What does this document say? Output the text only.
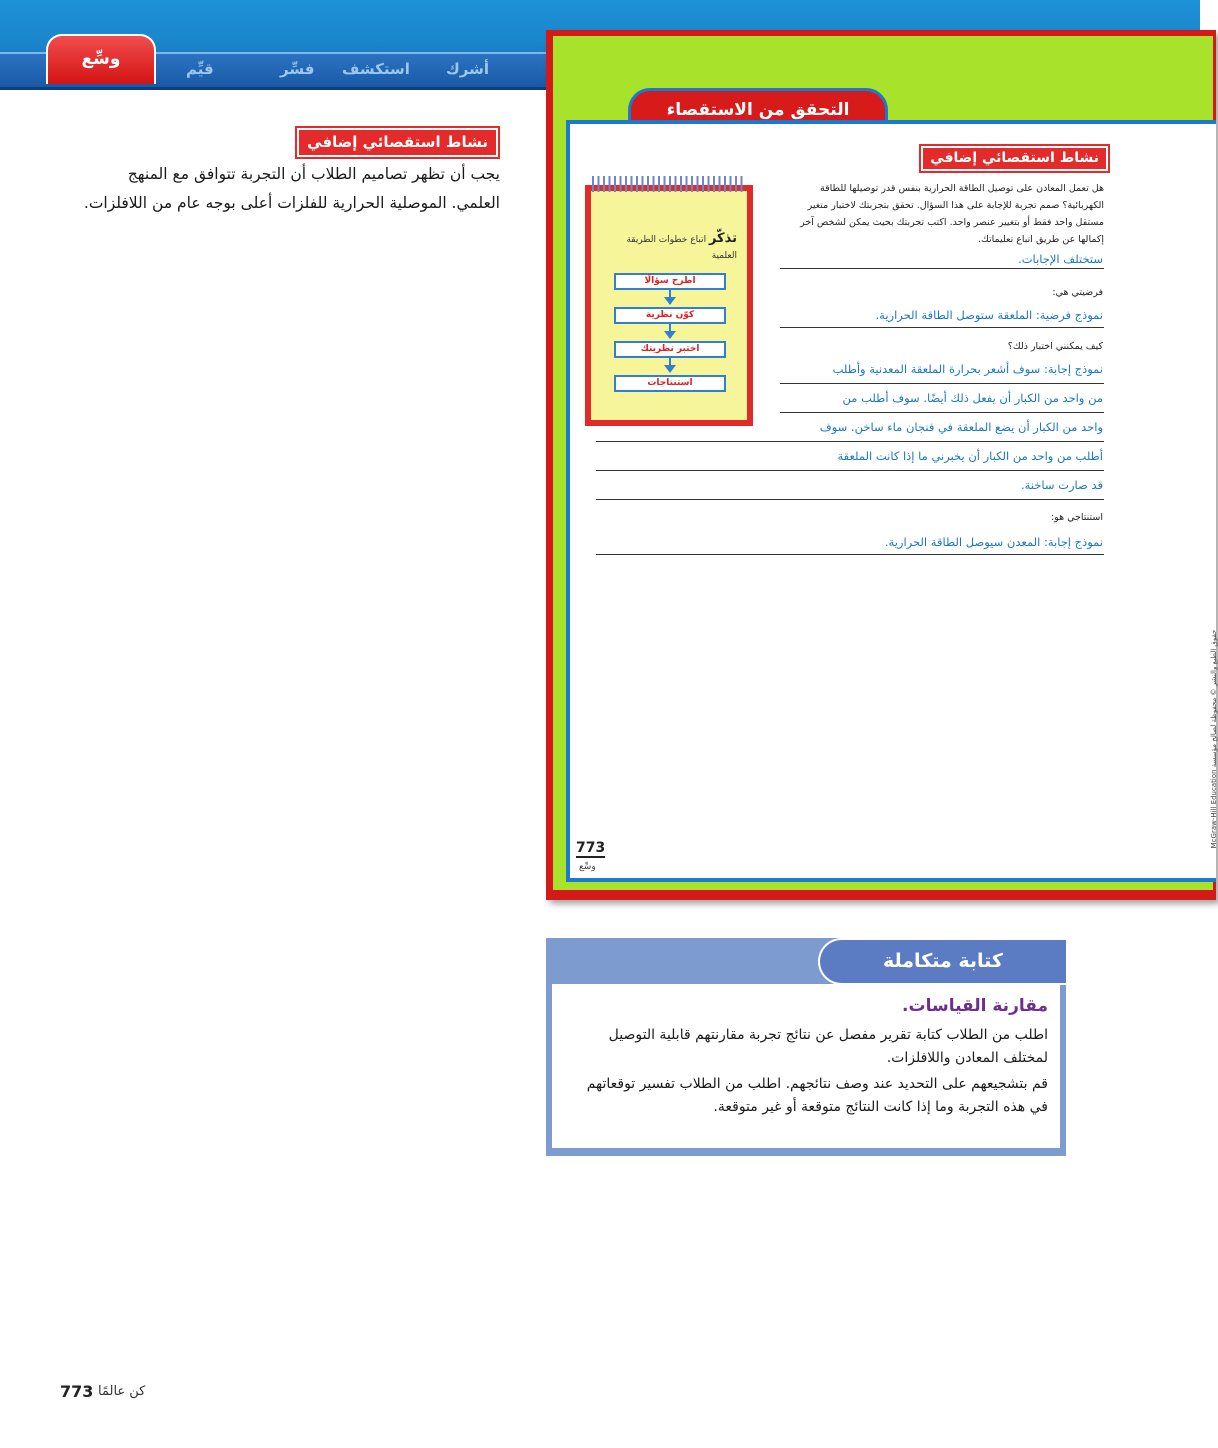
أشرك
استكشف
فسِّر
قيِّم
وسِّع
نشاط استقصائي إضافي
يجب أن تظهر تصاميم الطلاب أن التجربة تتوافق مع المنهج العلمي. الموصلية الحرارية للفلزات أعلى بوجه عام من اللافلزات.
التحقق من الاستقصاء
نشاط استقصائي إضافي
هل تعمل المعادن على توصيل الطاقة الحرارية بنفس قدر توصيلها للطاقة الكهربائية؟ صمم تجربة للإجابة على هذا السؤال. تحقق بتجربتك لاختبار متغير مستقل واحد فقط أو بتغيير عنصر واحد. اكتب تجربتك بحيث يمكن لشخص آخر إكمالها عن طريق اتباع تعليماتك.
ستختلف الإجابات.
فرضيتي هي:
نموذج فرضية: الملعقة ستوصل الطاقة الحرارية.
كيف يمكنني اختبار ذلك؟
نموذج إجابة: سوف أشعر بحرارة الملعقة المعدنية وأطلب
من واحد من الكبار أن يفعل ذلك أيضًا. سوف أطلب من
واحد من الكبار أن يضع الملعقة في فنجان ماء ساخن. سوف
أطلب من واحد من الكبار أن يخبرني ما إذا كانت الملعقة
قد صارت ساخنة.
استنتاجي هو:
نموذج إجابة: المعدن سيوصل الطاقة الحرارية.
773
وسِّع
McGraw-Hill Education حقوق الطبع والنشر © محفوظة لصالح مؤسسة
تذكّر اتباع خطوات الطريقة العلمية
اطرح سؤالًا
كوّن نظرية
اختبر نظريتك
استنتاجات
كتابة متكاملة
مقارنة القياسات.
اطلب من الطلاب كتابة تقرير مفصل عن نتائج تجربة مقارنتهم قابلية التوصيل لمختلف المعادن واللافلزات.
قم بتشجيعهم على التحديد عند وصف نتائجهم. اطلب من الطلاب تفسير توقعاتهم في هذه التجربة وما إذا كانت النتائج متوقعة أو غير متوقعة.
773 كن عالمًا
